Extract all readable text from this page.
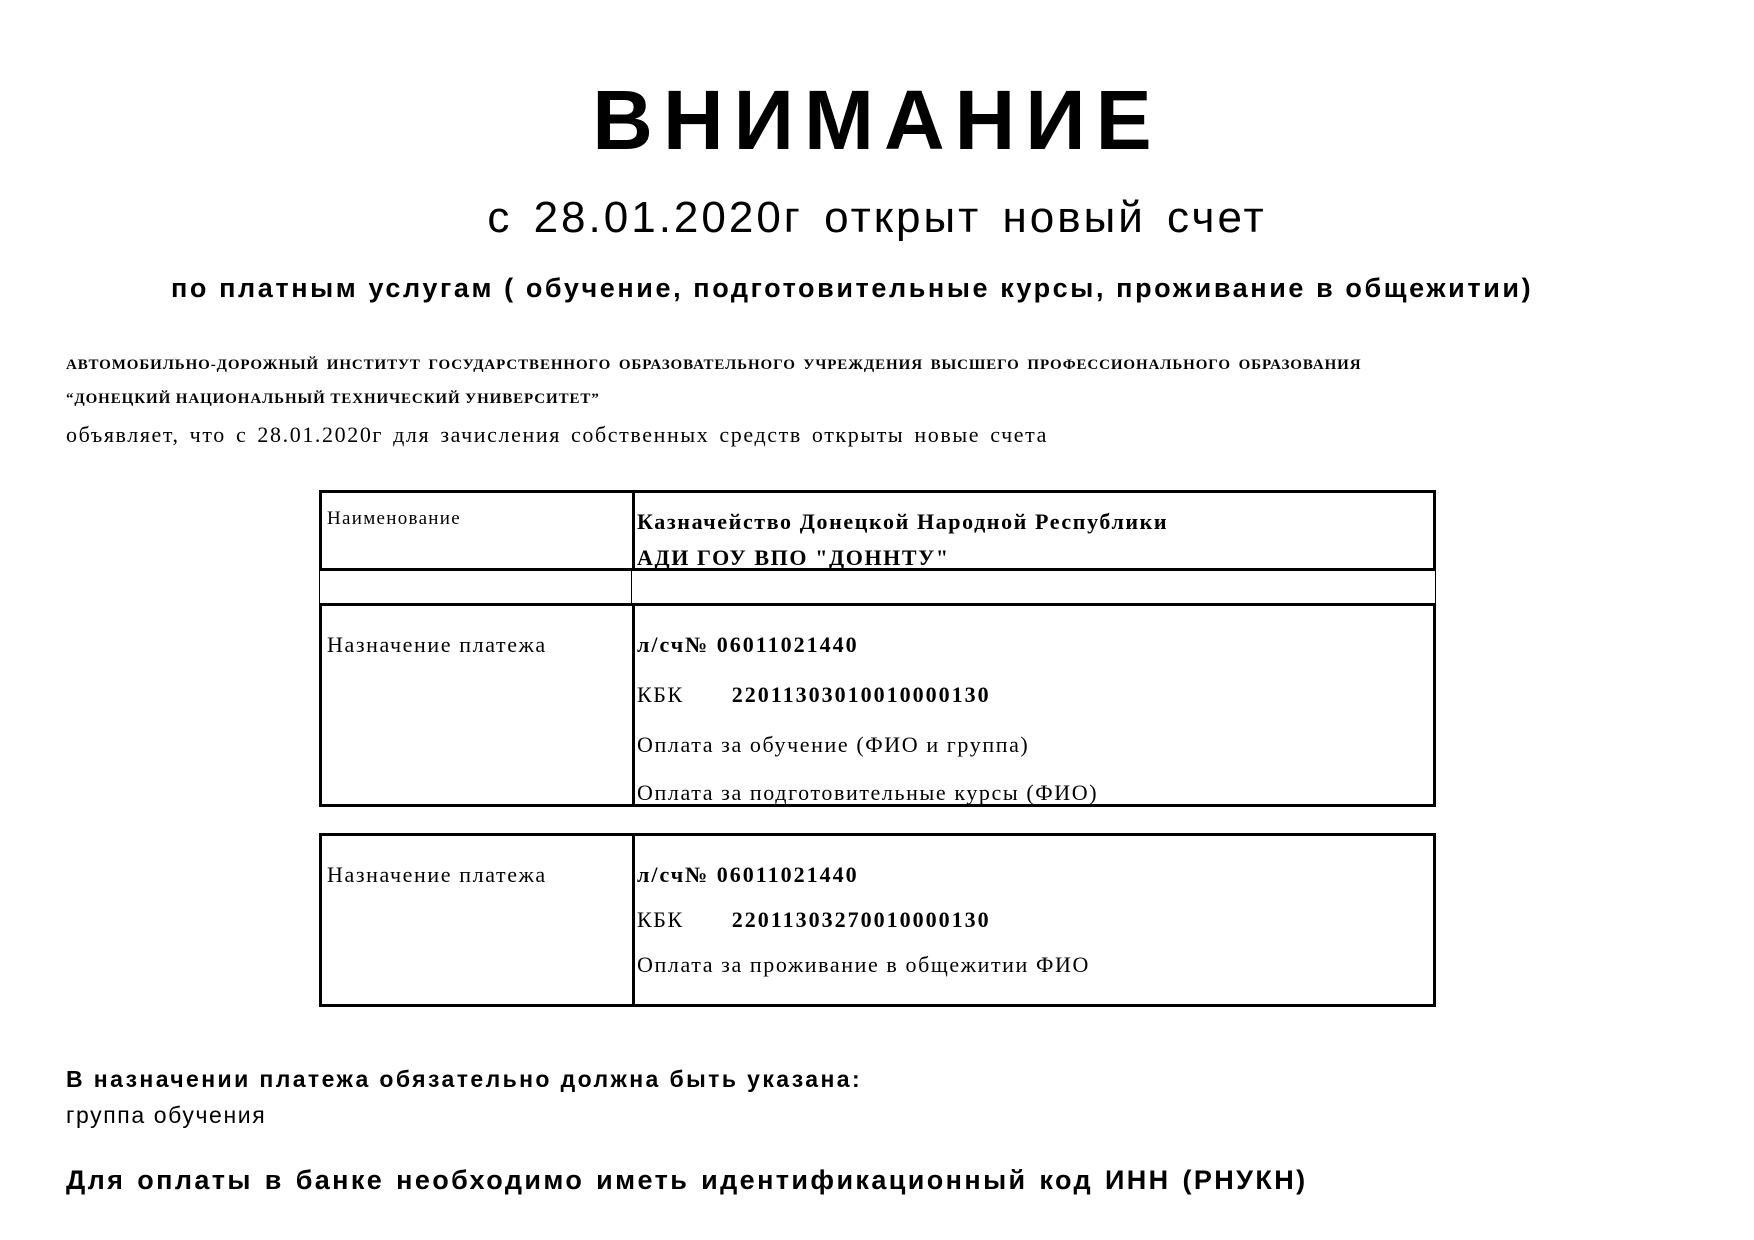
ВНИМАНИЕ
с 28.01.2020г открыт новый счет
по платным услугам ( обучение, подготовительные курсы, проживание в общежитии)
АВТОМОБИЛЬНО-ДОРОЖНЫЙ ИНСТИТУТ ГОСУДАРСТВЕННОГО ОБРАЗОВАТЕЛЬНОГО УЧРЕЖДЕНИЯ ВЫСШЕГО ПРОФЕССИОНАЛЬНОГО ОБРАЗОВАНИЯ
“ДОНЕЦКИЙ НАЦИОНАЛЬНЫЙ ТЕХНИЧЕСКИЙ УНИВЕРСИТЕТ”
объявляет, что с 28.01.2020г для зачисления собственных средств открыты новые счета
Наименование	Казначейство Донецкой Народной Республики
АДИ ГОУ ВПО "ДОННТУ"
Назначение платежа	л/сч№ 06011021440
КБК 22011303010010000130
Оплата за обучение (ФИО и группа)
Оплата за подготовительные курсы (ФИО)
Назначение платежа	л/сч№ 06011021440
КБК 22011303270010000130
Оплата за проживание в общежитии ФИО
В назначении платежа обязательно должна быть указана:
группа обучения
Для оплаты в банке необходимо иметь идентификационный код ИНН (РНУКН)
